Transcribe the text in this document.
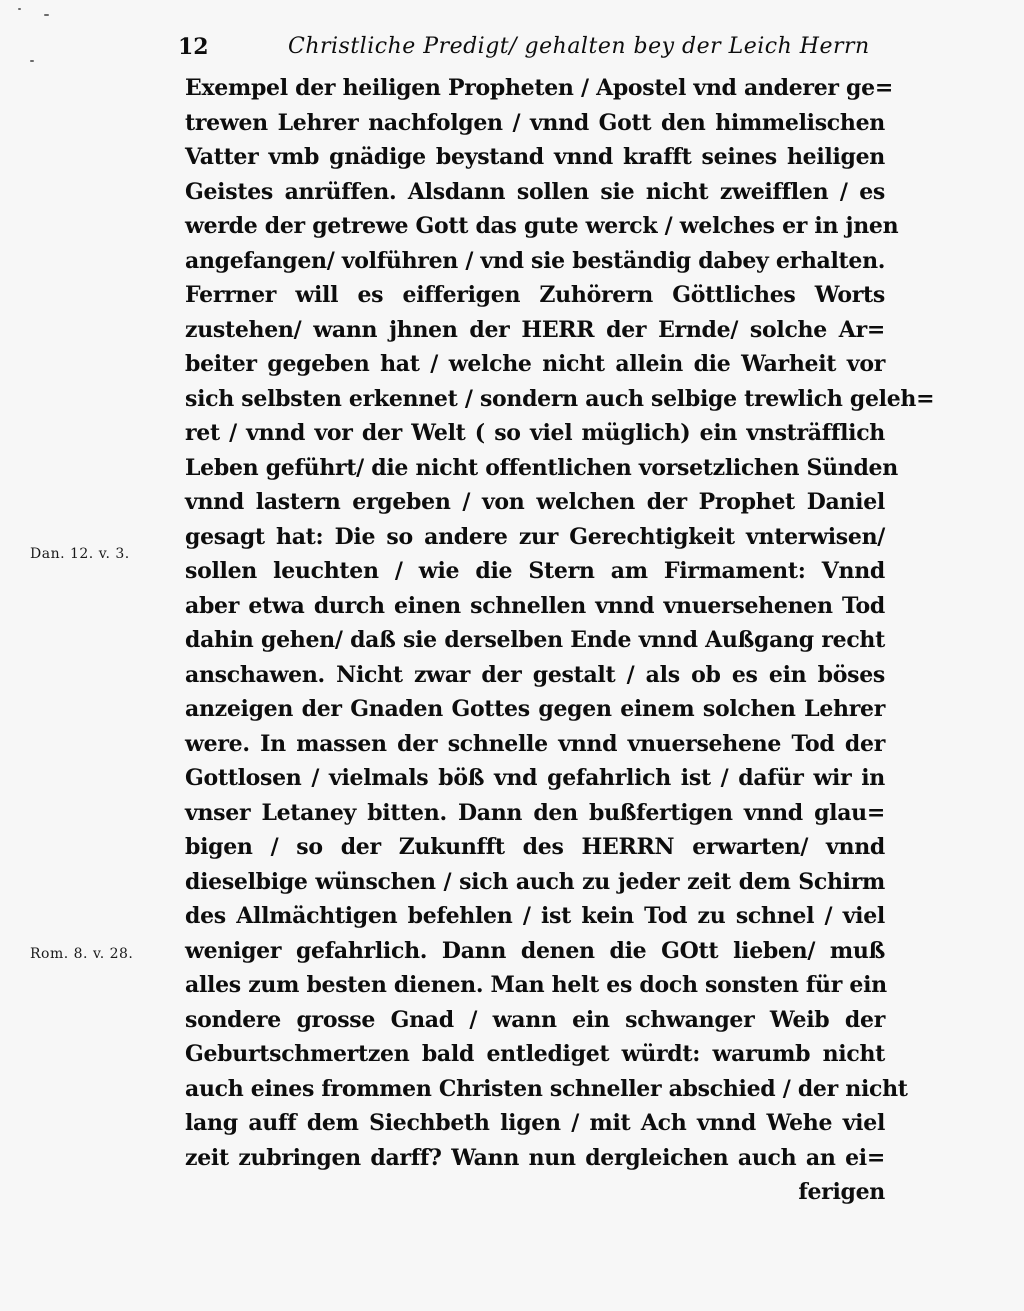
12	Christliche Predigt/ gehalten bey der Leich Herrn
Dan. 12. v. 3.
Rom. 8. v. 28.
Exempel der heiligen Propheten / Apostel vnd anderer ge=
trewen Lehrer nachfolgen / vnnd Gott den himmelischen
Vatter vmb gnädige beystand vnnd krafft seines heiligen
Geistes anrüffen. Alsdann sollen sie nicht zweifflen / es
werde der getrewe Gott das gute werck / welches er in jnen
angefangen/ volführen / vnd sie beständig dabey erhalten.
Ferrner will es eifferigen Zuhörern Göttliches Worts
zustehen/ wann jhnen der HERR der Ernde/ solche Ar=
beiter gegeben hat / welche nicht allein die Warheit vor
sich selbsten erkennet / sondern auch selbige trewlich geleh=
ret / vnnd vor der Welt ( so viel müglich) ein vnsträfflich
Leben geführt/ die nicht offentlichen vorsetzlichen Sünden
vnnd lastern ergeben / von welchen der Prophet Daniel
gesagt hat: Die so andere zur Gerechtigkeit vnterwisen/
sollen leuchten / wie die Stern am Firmament: Vnnd
aber etwa durch einen schnellen vnnd vnuersehenen Tod
dahin gehen/ daß sie derselben Ende vnnd Außgang recht
anschawen. Nicht zwar der gestalt / als ob es ein böses
anzeigen der Gnaden Gottes gegen einem solchen Lehrer
were. In massen der schnelle vnnd vnuersehene Tod der
Gottlosen / vielmals böß vnd gefahrlich ist / dafür wir in
vnser Letaney bitten. Dann den bußfertigen vnnd glau=
bigen / so der Zukunfft des HERRN erwarten/ vnnd
dieselbige wünschen / sich auch zu jeder zeit dem Schirm
des Allmächtigen befehlen / ist kein Tod zu schnel / viel
weniger gefahrlich. Dann denen die GOtt lieben/ muß
alles zum besten dienen. Man helt es doch sonsten für ein
sondere grosse Gnad / wann ein schwanger Weib der
Geburtschmertzen bald entlediget würdt: warumb nicht
auch eines frommen Christen schneller abschied / der nicht
lang auff dem Siechbeth ligen / mit Ach vnnd Wehe viel
zeit zubringen darff? Wann nun dergleichen auch an ei=
ferigen
